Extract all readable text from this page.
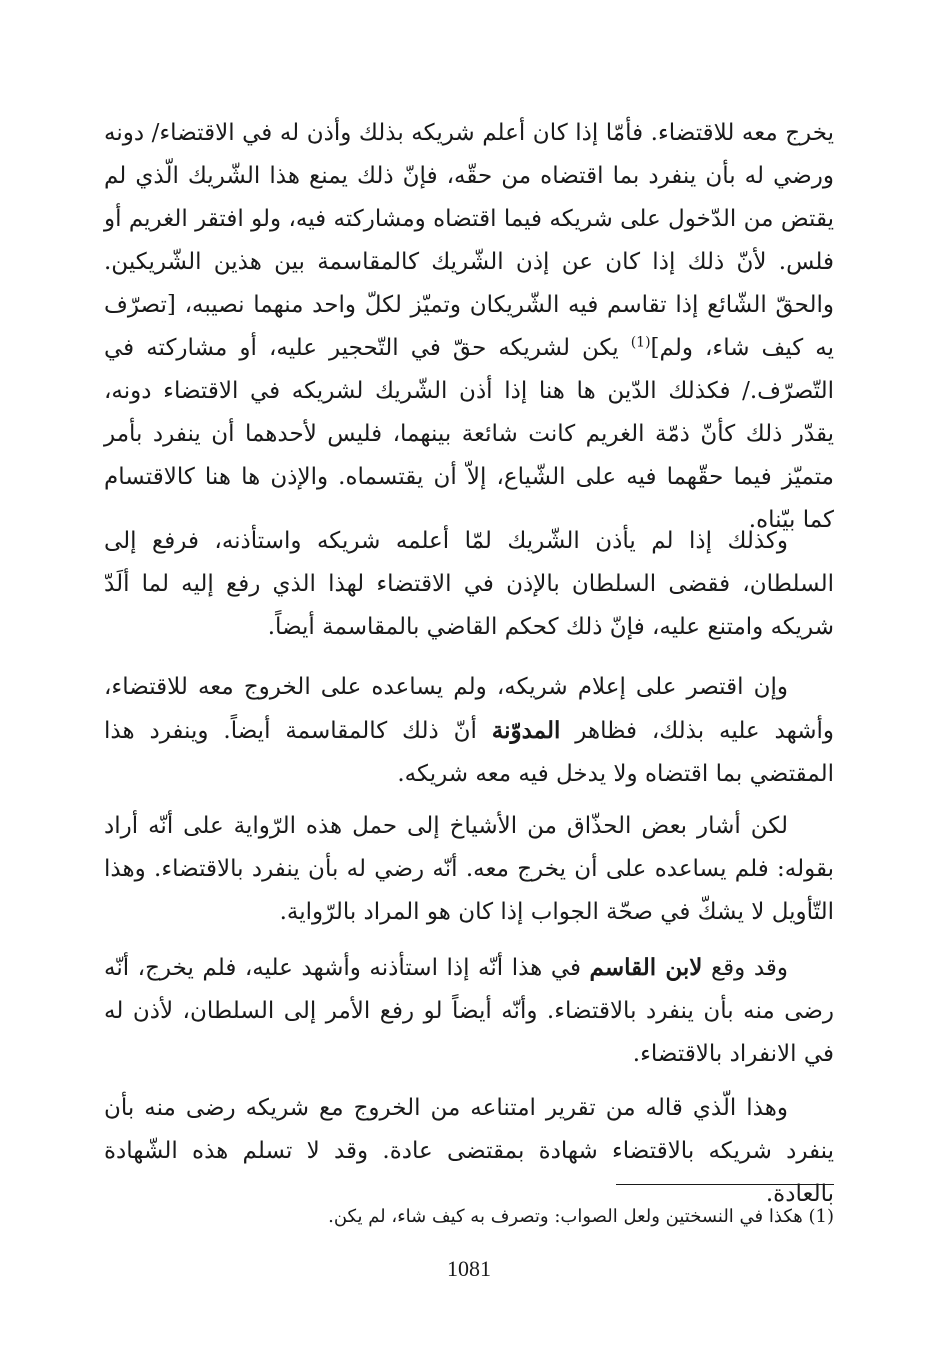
يخرج معه للاقتضاء. فأمّا إذا كان أعلم شريكه بذلك وأذن له في الاقتضاء/ دونه ورضي له بأن ينفرد بما اقتضاه من حقّه، فإنّ ذلك يمنع هذا الشّريك الّذي لم يقتض من الدّخول على شريكه فيما اقتضاه ومشاركته فيه، ولو افتقر الغريم أو فلس. لأنّ ذلك إذا كان عن إذن الشّريك كالمقاسمة بين هذين الشّريكين. والحقّ الشّائع إذا تقاسم فيه الشّريكان وتميّز لكلّ واحد منهما نصيبه، [تصرّف يه كيف شاء، ولم]$^{(1)}$ يكن لشريكه حقّ في التّحجير عليه، أو مشاركته في التّصرّف./ فكذلك الدّين ها هنا إذا أذن الشّريك لشريكه في الاقتضاء دونه، يقدّر ذلك كأنّ ذمّة الغريم كانت شائعة بينهما، فليس لأحدهما أن ينفرد بأمر متميّز فيما حقّهما فيه على الشّياع، إلاّ أن يقتسماه. والإذن ها هنا كالاقتسام كما بيّناه.

وكذلك إذا لم يأذن الشّريك لمّا أعلمه شريكه واستأذنه، فرفع إلى السلطان، فقضى السلطان بالإذن في الاقتضاء لهذا الذي رفع إليه لما ألَدّ شريكه وامتنع عليه، فإنّ ذلك كحكم القاضي بالمقاسمة أيضاً.

وإن اقتصر على إعلام شريكه، ولم يساعده على الخروج معه للاقتضاء، وأشهد عليه بذلك، فظاهر المدوّنة أنّ ذلك كالمقاسمة أيضاً. وينفرد هذا المقتضي بما اقتضاه ولا يدخل فيه معه شريكه.

لكن أشار بعض الحذّاق من الأشياخ إلى حمل هذه الرّواية على أنّه أراد بقوله: فلم يساعده على أن يخرج معه. أنّه رضي له بأن ينفرد بالاقتضاء. وهذا التّأويل لا يشكّ في صحّة الجواب إذا كان هو المراد بالرّواية.

وقد وقع لابن القاسم في هذا أنّه إذا استأذنه وأشهد عليه، فلم يخرج، أنّه رضى منه بأن ينفرد بالاقتضاء. وأنّه أيضاً لو رفع الأمر إلى السلطان، لأذن له في الانفراد بالاقتضاء.

وهذا الّذي قاله من تقرير امتناعه من الخروج مع شريكه رضى منه بأن ينفرد شريكه بالاقتضاء شهادة بمقتضى عادة. وقد لا تسلم هذه الشّهادة بالعادة.

(1) هكذا في النسختين ولعل الصواب: وتصرف به كيف شاء، لم يكن.
1081
